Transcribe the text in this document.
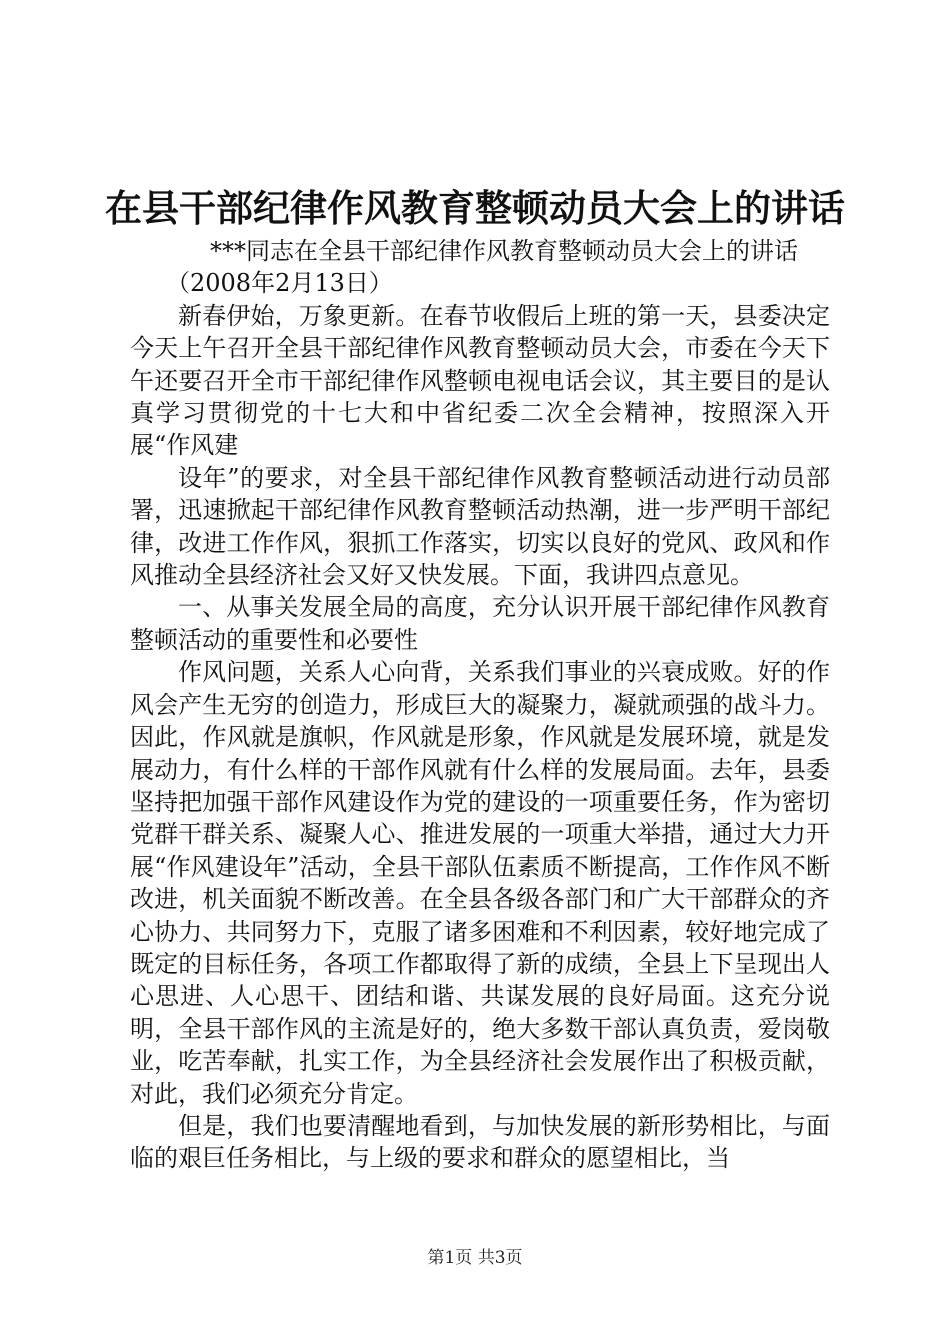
在县干部纪律作风教育整顿动员大会上的讲话

***同志在全县干部纪律作风教育整顿动员大会上的讲话

（2008年2月13日）

新春伊始，万象更新。在春节收假后上班的第一天，县委决定今天上午召开全县干部纪律作风教育整顿动员大会，市委在今天下午还要召开全市干部纪律作风整顿电视电话会议，其主要目的是认真学习贯彻党的十七大和中省纪委二次全会精神，按照深入开展“作风建

设年”的要求，对全县干部纪律作风教育整顿活动进行动员部署，迅速掀起干部纪律作风教育整顿活动热潮，进一步严明干部纪律，改进工作作风，狠抓工作落实，切实以良好的党风、政风和作风推动全县经济社会又好又快发展。下面，我讲四点意见。

一、从事关发展全局的高度，充分认识开展干部纪律作风教育整顿活动的重要性和必要性

作风问题，关系人心向背，关系我们事业的兴衰成败。好的作风会产生无穷的创造力，形成巨大的凝聚力，凝就顽强的战斗力。因此，作风就是旗帜，作风就是形象，作风就是发展环境，就是发展动力，有什么样的干部作风就有什么样的发展局面。去年，县委坚持把加强干部作风建设作为党的建设的一项重要任务，作为密切党群干群关系、凝聚人心、推进发展的一项重大举措，通过大力开展“作风建设年”活动，全县干部队伍素质不断提高，工作作风不断改进，机关面貌不断改善。在全县各级各部门和广大干部群众的齐心协力、共同努力下，克服了诸多困难和不利因素，较好地完成了既定的目标任务，各项工作都取得了新的成绩，全县上下呈现出人心思进、人心思干、团结和谐、共谋发展的良好局面。这充分说明，全县干部作风的主流是好的，绝大多数干部认真负责，爱岗敬业，吃苦奉献，扎实工作，为全县经济社会发展作出了积极贡献，对此，我们必须充分肯定。

但是，我们也要清醒地看到，与加快发展的新形势相比，与面临的艰巨任务相比，与上级的要求和群众的愿望相比，当

第1页 共3页
